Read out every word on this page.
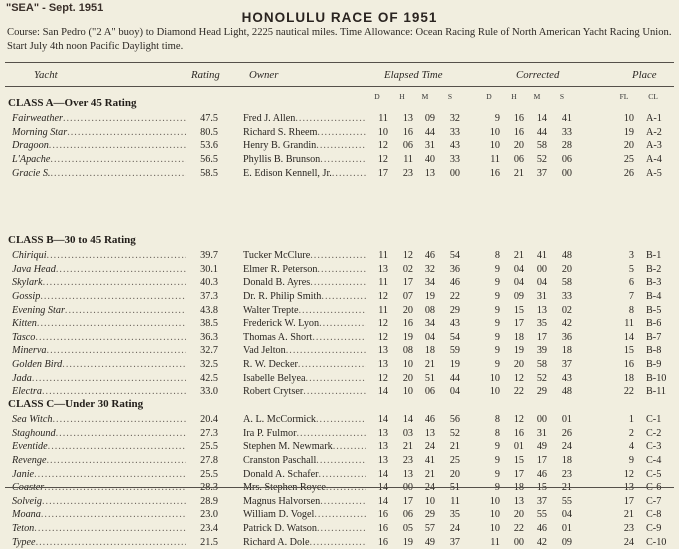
"SEA" - Sept. 1951
HONOLULU RACE OF 1951
Course: San Pedro ("2 A" buoy) to Diamond Head Light, 2225 nautical miles. Time Allowance: Ocean Racing Rule of North American Yacht Racing Union. Start July 4th noon Pacific Daylight time.
Yacht	Rating	Owner	Elapsed Time	Corrected	Place
D	H	M	S	D	H	M	S	FL	CL
CLASS A—Over 45 Rating
Fairweather .....	47.5 Fred J. Allen .....	11	13	09	32	9	16	14	41	10 A-1
Morning Star .....	80.5 Richard S. Rheem .....	10	16	44	33	10	16	44	33	19 A-2
Dragoon .....	53.6 Henry B. Grandin .....	12	06	31	43	10	20	58	28	20 A-3
L'Apache .....	56.5 Phyllis B. Brunson .....	12	11	40	33	11	06	52	06	25 A-4
Gracie S. .....	58.5 E. Edison Kennell, Jr. .....	17	23	13	00	16	21	37	00	26 A-5
CLASS B—30 to 45 Rating
Chiriqui .....	39.7 Tucker McClure .....	11	12	46	54	8	21	41	48	3 B-1
Java Head .....	30.1 Elmer R. Peterson .....	13	02	32	36	9	04	00	20	5 B-2
Skylark .....	40.3 Donald B. Ayres .....	11	17	34	46	9	04	04	58	6 B-3
Gossip .....	37.3 Dr. R. Philip Smith .....	12	07	19	22	9	09	31	33	7 B-4
Evening Star .....	43.8 Walter Trepte .....	11	20	08	29	9	15	13	02	8 B-5
Kitten .....	38.5 Frederick W. Lyon .....	12	16	34	43	9	17	35	42	11 B-6
Tasco .....	36.3 Thomas A. Short .....	12	19	04	54	9	18	17	36	14 B-7
Minerva .....	32.7 Vad Jelton .....	13	08	18	59	9	19	39	18	15 B-8
Golden Bird .....	32.5 R. W. Decker .....	13	10	21	19	9	20	58	37	16 B-9
Jada .....	42.5 Isabelle Belyea .....	12	20	51	44	10	12	52	43	18 B-10
Electra .....	33.0 Robert Crytser .....	14	10	06	04	10	22	29	48	22 B-11
CLASS C—Under 30 Rating
Sea Witch .....	20.4 A. L. McCormick .....	14	14	46	56	8	12	00	01	1 C-1
Staghound .....	27.3 Ira P. Fulmor .....	13	03	13	52	8	16	31	26	2 C-2
Eventide .....	25.5 Stephen M. Newmark .....	13	21	24	21	9	01	49	24	4 C-3
Revenge .....	27.8 Cranston Paschall .....	13	23	41	25	9	15	17	18	9 C-4
Janie .....	25.5 Donald A. Schafer .....	14	13	21	20	9	17	46	23	12 C-5
Coaster .....	28.3 Mrs. Stephen Royce .....	14	00	24	51	9	18	15	21	13 C-6
Solveig .....	28.9 Magnus Halvorsen .....	14	17	10	11	10	13	37	55	17 C-7
Moana .....	23.0 William D. Vogel .....	16	06	29	35	10	20	55	04	21 C-8
Teton .....	23.4 Patrick D. Watson .....	16	05	57	24	10	22	46	01	23 C-9
Typee .....	21.5 Richard A. Dole .....	16	19	49	37	11	00	42	09	24 C-10
